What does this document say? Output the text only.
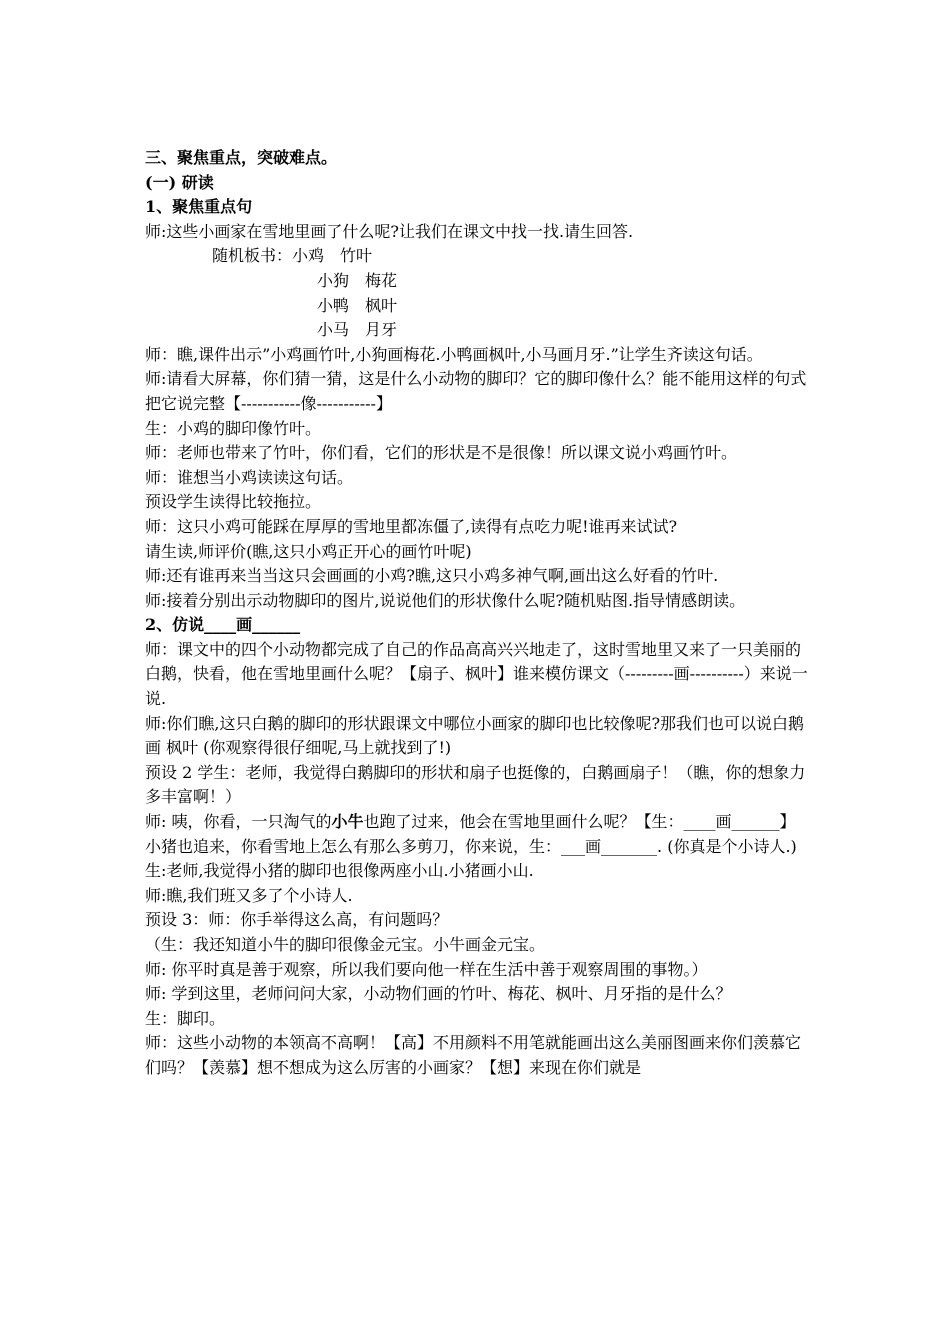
三、聚焦重点，突破难点。

(一) 研读

1、聚焦重点句

师:这些小画家在雪地里画了什么呢?让我们在课文中找一找.请生回答.

随机板书：小鸡　竹叶

小狗　梅花

小鸭　枫叶

小马　月牙

师：瞧,课件出示”小鸡画竹叶,小狗画梅花.小鸭画枫叶,小马画月牙.”让学生齐读这句话。

师:请看大屏幕，你们猜一猜，这是什么小动物的脚印？它的脚印像什么？能不能用这样的句式把它说完整【-----------像-----------】

生：小鸡的脚印像竹叶。

师：老师也带来了竹叶，你们看，它们的形状是不是很像！所以课文说小鸡画竹叶。

师：谁想当小鸡读读这句话。

预设学生读得比较拖拉。

师：这只小鸡可能踩在厚厚的雪地里都冻僵了,读得有点吃力呢!谁再来试试?

请生读,师评价(瞧,这只小鸡正开心的画竹叶呢)

师:还有谁再来当当这只会画画的小鸡?瞧,这只小鸡多神气啊,画出这么好看的竹叶.

师:接着分别出示动物脚印的图片,说说他们的形状像什么呢?随机贴图.指导情感朗读。

2、仿说____画______

师：课文中的四个小动物都完成了自己的作品高高兴兴地走了，这时雪地里又来了一只美丽的白鹅，快看，他在雪地里画什么呢？【扇子、枫叶】谁来模仿课文（---------画----------）来说一说.

师:你们瞧,这只白鹅的脚印的形状跟课文中哪位小画家的脚印也比较像呢?那我们也可以说白鹅画 枫叶 (你观察得很仔细呢,马上就找到了!)

预设 2 学生：老师，我觉得白鹅脚印的形状和扇子也挺像的，白鹅画扇子！（瞧，你的想象力多丰富啊！）

师: 咦，你看，一只淘气的小牛也跑了过来，他会在雪地里画什么呢？【生：____画______】小猪也追来，你看雪地上怎么有那么多剪刀，你来说，生：___画_______. (你真是个小诗人.)

生:老师,我觉得小猪的脚印也很像两座小山.小猪画小山.

师:瞧,我们班又多了个小诗人.

预设 3：师：你手举得这么高，有问题吗？

（生：我还知道小牛的脚印很像金元宝。小牛画金元宝。

师: 你平时真是善于观察，所以我们要向他一样在生活中善于观察周围的事物。）

师: 学到这里，老师问问大家，小动物们画的竹叶、梅花、枫叶、月牙指的是什么？

生：脚印。

师：这些小动物的本领高不高啊！【高】不用颜料不用笔就能画出这么美丽图画来你们羡慕它们吗？【羡慕】想不想成为这么厉害的小画家？【想】来现在你们就是
